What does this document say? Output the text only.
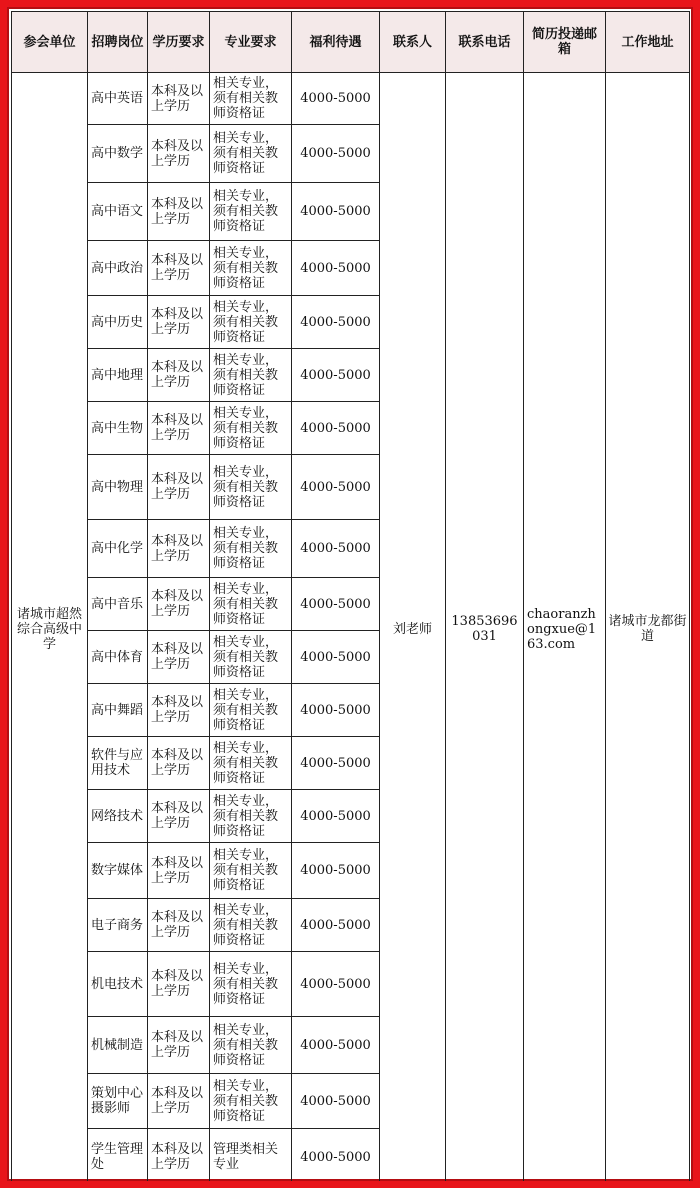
参会单位	招聘岗位	学历要求	专业要求	福利待遇	联系人	联系电话	简历投递邮箱	工作地址
诸城市超然综合高级中学	高中英语	本科及以上学历	相关专业，须有相关教师资格证	4000-5000	刘老师	13853696031	chaoranzhongxue@163.com	诸城市龙都街道
	高中数学	本科及以上学历	相关专业，须有相关教师资格证	4000-5000				
	高中语文	本科及以上学历	相关专业，须有相关教师资格证	4000-5000				
	高中政治	本科及以上学历	相关专业，须有相关教师资格证	4000-5000				
	高中历史	本科及以上学历	相关专业，须有相关教师资格证	4000-5000				
	高中地理	本科及以上学历	相关专业，须有相关教师资格证	4000-5000				
	高中生物	本科及以上学历	相关专业，须有相关教师资格证	4000-5000				
	高中物理	本科及以上学历	相关专业，须有相关教师资格证	4000-5000				
	高中化学	本科及以上学历	相关专业，须有相关教师资格证	4000-5000				
	高中音乐	本科及以上学历	相关专业，须有相关教师资格证	4000-5000				
	高中体育	本科及以上学历	相关专业，须有相关教师资格证	4000-5000				
	高中舞蹈	本科及以上学历	相关专业，须有相关教师资格证	4000-5000				
	软件与应用技术	本科及以上学历	相关专业，须有相关教师资格证	4000-5000				
	网络技术	本科及以上学历	相关专业，须有相关教师资格证	4000-5000				
	数字媒体	本科及以上学历	相关专业，须有相关教师资格证	4000-5000				
	电子商务	本科及以上学历	相关专业，须有相关教师资格证	4000-5000				
	机电技术	本科及以上学历	相关专业，须有相关教师资格证	4000-5000				
	机械制造	本科及以上学历	相关专业，须有相关教师资格证	4000-5000				
	策划中心摄影师	本科及以上学历	相关专业，须有相关教师资格证	4000-5000				
	学生管理处	本科及以上学历	管理类相关专业	4000-5000				
